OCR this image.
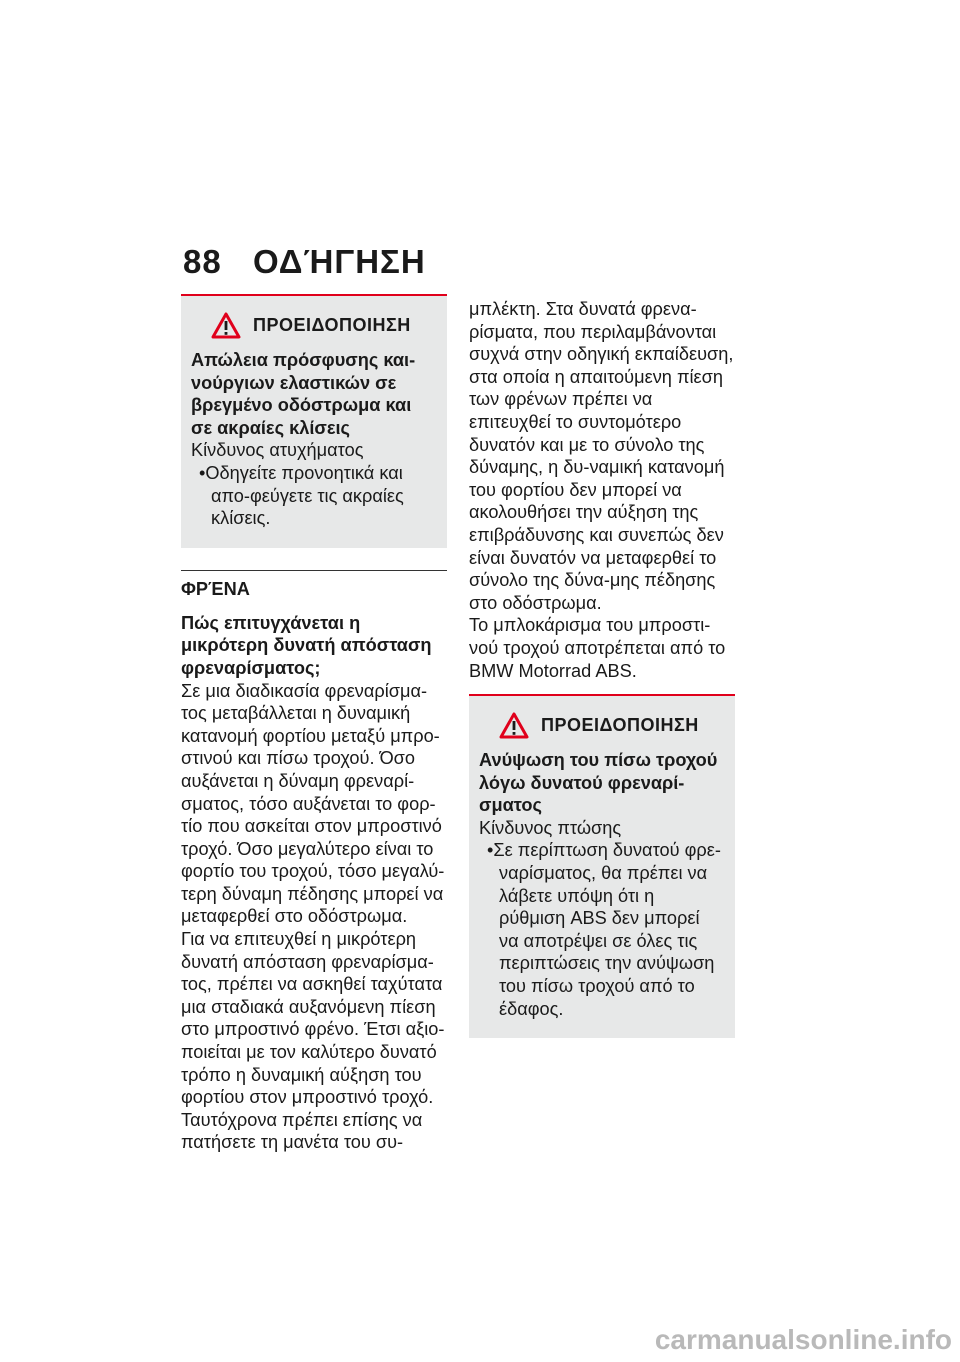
88 ΟΔΉΓΗΣΗ
ΠΡΟΕΙΔΟΠΟΙΗΣΗ

Απώλεια πρόσφυσης και-νούργιων ελαστικών σε βρεγμένο οδόστρωμα και σε ακραίες κλίσεις

Κίνδυνος ατυχήματος

• Οδηγείτε προνοητικά και απο-φεύγετε τις ακραίες κλίσεις.

ΦΡΈΝΑ

Πώς επιτυγχάνεται η μικρότερη δυνατή απόσταση φρεναρίσματος;

Σε μια διαδικασία φρεναρίσμα-τος μεταβάλλεται η δυναμική κατανομή φορτίου μεταξύ μπρο-στινού και πίσω τροχού. Όσο αυξάνεται η δύναμη φρεναρί-σματος, τόσο αυξάνεται το φορ-τίο που ασκείται στον μπροστινό τροχό. Όσο μεγαλύτερο είναι το φορτίο του τροχού, τόσο μεγαλύ-τερη δύναμη πέδησης μπορεί να μεταφερθεί στο οδόστρωμα.

Για να επιτευχθεί η μικρότερη δυνατή απόσταση φρεναρίσμα-τος, πρέπει να ασκηθεί ταχύτατα μια σταδιακά αυξανόμενη πίεση στο μπροστινό φρένο. Έτσι αξιο-ποιείται με τον καλύτερο δυνατό τρόπο η δυναμική αύξηση του φορτίου στον μπροστινό τροχό. Ταυτόχρονα πρέπει επίσης να πατήσετε τη μανέτα του συ-

μπλέκτη. Στα δυνατά φρενα-ρίσματα, που περιλαμβάνονται συχνά στην οδηγική εκπαίδευση, στα οποία η απαιτούμενη πίεση των φρένων πρέπει να επιτευχθεί το συντομότερο δυνατόν και με το σύνολο της δύναμης, η δυ-ναμική κατανομή του φορτίου δεν μπορεί να ακολουθήσει την αύξηση της επιβράδυνσης και συνεπώς δεν είναι δυνατόν να μεταφερθεί το σύνολο της δύνα-μης πέδησης στο οδόστρωμα.

Το μπλοκάρισμα του μπροστι-νού τροχού αποτρέπεται από το BMW Motorrad ABS.

ΠΡΟΕΙΔΟΠΟΙΗΣΗ

Ανύψωση του πίσω τροχού λόγω δυνατού φρεναρί-σματος

Κίνδυνος πτώσης

• Σε περίπτωση δυνατού φρε-ναρίσματος, θα πρέπει να λάβετε υπόψη ότι η ρύθμιση ABS δεν μπορεί να αποτρέψει σε όλες τις περιπτώσεις την ανύψωση του πίσω τροχού από το έδαφος.

carmanualsonline.info
